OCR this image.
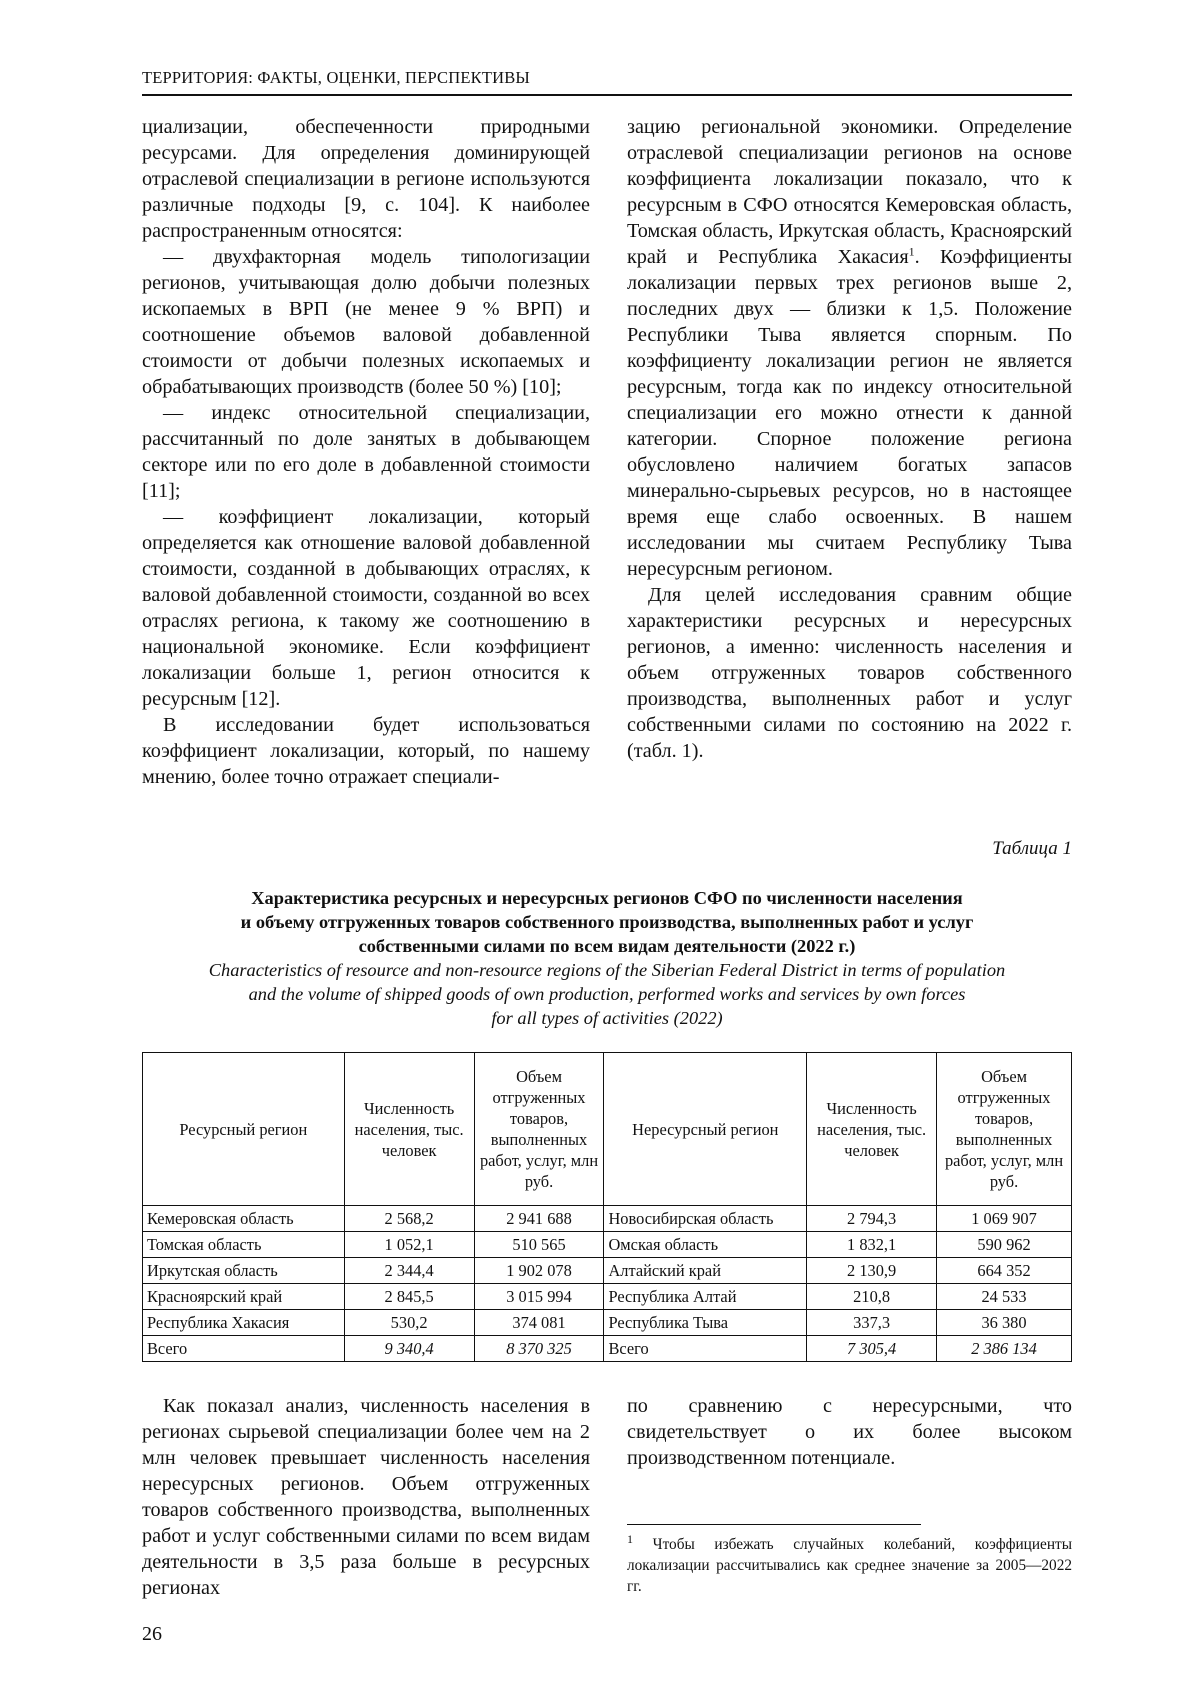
ТЕРРИТОРИЯ: ФАКТЫ, ОЦЕНКИ, ПЕРСПЕКТИВЫ

циализации, обеспеченности природными ресурсами. Для определения доминирующей отраслевой специализации в регионе используются различные подходы [9, с. 104]. К наиболее распространенным относятся:

— двухфакторная модель типологизации регионов, учитывающая долю добычи полезных ископаемых в ВРП (не менее 9 % ВРП) и соотношение объемов валовой добавленной стоимости от добычи полезных ископаемых и обрабатывающих производств (более 50 %) [10];

— индекс относительной специализации, рассчитанный по доле занятых в добывающем секторе или по его доле в добавленной стоимости [11];

— коэффициент локализации, который определяется как отношение валовой добавленной стоимости, созданной в добывающих отраслях, к валовой добавленной стоимости, созданной во всех отраслях региона, к такому же соотношению в национальной экономике. Если коэффициент локализации больше 1, регион относится к ресурсным [12].

В исследовании будет использоваться коэффициент локализации, который, по нашему мнению, более точно отражает специали-

зацию региональной экономики. Определение отраслевой специализации регионов на основе коэффициента локализации показало, что к ресурсным в СФО относятся Кемеровская область, Томская область, Иркутская область, Красноярский край и Республика Хакасия$^1$. Коэффициенты локализации первых трех регионов выше 2, последних двух — близки к 1,5. Положение Республики Тыва является спорным. По коэффициенту локализации регион не является ресурсным, тогда как по индексу относительной специализации его можно отнести к данной категории. Спорное положение региона обусловлено наличием богатых запасов минерально-сырьевых ресурсов, но в настоящее время еще слабо освоенных. В нашем исследовании мы считаем Республику Тыва нересурсным регионом.

Для целей исследования сравним общие характеристики ресурсных и нересурсных регионов, а именно: численность населения и объем отгруженных товаров собственного производства, выполненных работ и услуг собственными силами по состоянию на 2022 г. (табл. 1).

Таблица 1
Характеристика ресурсных и нересурсных регионов СФО по численности населения
и объему отгруженных товаров собственного производства, выполненных работ и услуг
собственными силами по всем видам деятельности (2022 г.)
Characteristics of resource and non-resource regions of the Siberian Federal District in terms of population
and the volume of shipped goods of own production, performed works and services by own forces
for all types of activities (2022)
Ресурсный регион	Численность населения, тыс. человек	Объем отгруженных товаров, выполненных работ, услуг, млн руб.	Нересурсный регион	Численность населения, тыс. человек	Объем отгруженных товаров, выполненных работ, услуг, млн руб.
Кемеровская область	2 568,2	2 941 688	Новосибирская область	2 794,3	1 069 907
Томская область	1 052,1	510 565	Омская область	1 832,1	590 962
Иркутская область	2 344,4	1 902 078	Алтайский край	2 130,9	664 352
Красноярский край	2 845,5	3 015 994	Республика Алтай	210,8	24 533
Республика Хакасия	530,2	374 081	Республика Тыва	337,3	36 380
Всего	9 340,4	8 370 325	Всего	7 305,4	2 386 134

Как показал анализ, численность населения в регионах сырьевой специализации более чем на 2 млн человек превышает численность населения нересурсных регионов. Объем отгруженных товаров собственного производства, выполненных работ и услуг собственными силами по всем видам деятельности в 3,5 раза больше в ресурсных регионах

по сравнению с нересурсными, что свидетельствует о их более высоком производственном потенциале.

$^1$ Чтобы избежать случайных колебаний, коэффициенты локализации рассчитывались как среднее значение за 2005—2022 гг.
26
